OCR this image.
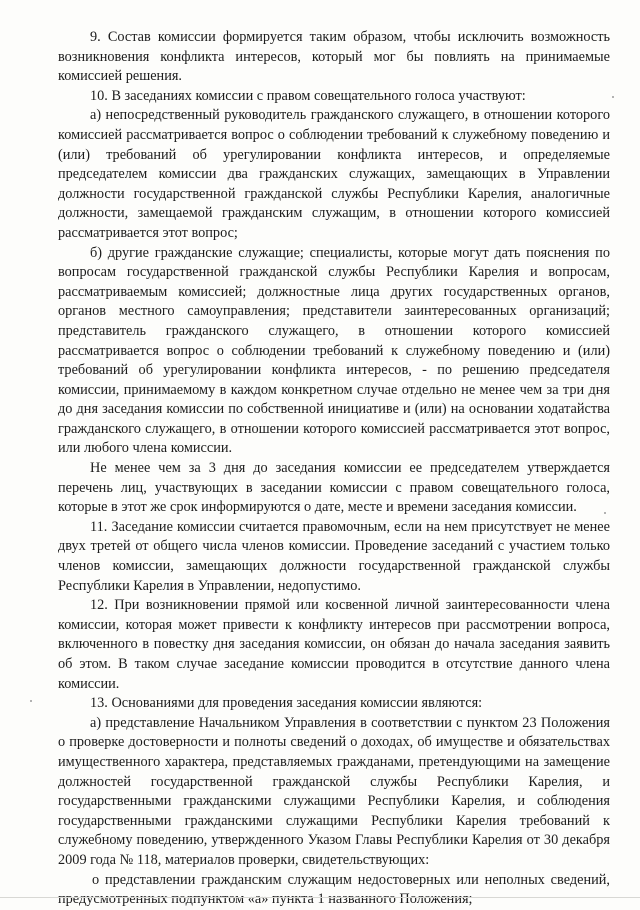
9. Состав комиссии формируется таким образом, чтобы исключить возможность возникновения конфликта интересов, который мог бы повлиять на принимаемые комиссией решения.

10. В заседаниях комиссии с правом совещательного голоса участвуют:

а) непосредственный руководитель гражданского служащего, в отношении которого комиссией рассматривается вопрос о соблюдении требований к служебному поведению и (или) требований об урегулировании конфликта интересов, и определяемые председателем комиссии два гражданских служащих, замещающих в Управлении должности государственной гражданской службы Республики Карелия, аналогичные должности, замещаемой гражданским служащим, в отношении которого комиссией рассматривается этот вопрос;

б) другие гражданские служащие; специалисты, которые могут дать пояснения по вопросам государственной гражданской службы Республики Карелия и вопросам, рассматриваемым комиссией; должностные лица других государственных органов, органов местного самоуправления; представители заинтересованных организаций; представитель гражданского служащего, в отношении которого комиссией рассматривается вопрос о соблюдении требований к служебному поведению и (или) требований об урегулировании конфликта интересов, - по решению председателя комиссии, принимаемому в каждом конкретном случае отдельно не менее чем за три дня до дня заседания комиссии по собственной инициативе и (или) на основании ходатайства гражданского служащего, в отношении которого комиссией рассматривается этот вопрос, или любого члена комиссии.

Не менее чем за 3 дня до заседания комиссии ее председателем утверждается перечень лиц, участвующих в заседании комиссии с правом совещательного голоса, которые в этот же срок информируются о дате, месте и времени заседания комиссии.

11. Заседание комиссии считается правомочным, если на нем присутствует не менее двух третей от общего числа членов комиссии. Проведение заседаний с участием только членов комиссии, замещающих должности государственной гражданской службы Республики Карелия в Управлении, недопустимо.

12. При возникновении прямой или косвенной личной заинтересованности члена комиссии, которая может привести к конфликту интересов при рассмотрении вопроса, включенного в повестку дня заседания комиссии, он обязан до начала заседания заявить об этом. В таком случае заседание комиссии проводится в отсутствие данного члена комиссии.

13. Основаниями для проведения заседания комиссии являются:

а) представление Начальником Управления в соответствии с пунктом 23 Положения о проверке достоверности и полноты сведений о доходах, об имуществе и обязательствах имущественного характера, представляемых гражданами, претендующими на замещение должностей государственной гражданской службы Республики Карелия, и государственными гражданскими служащими Республики Карелия, и соблюдения государственными гражданскими служащими Республики Карелия требований к служебному поведению, утвержденного Указом Главы Республики Карелия от 30 декабря 2009 года № 118, материалов проверки, свидетельствующих:

о представлении гражданским служащим недостоверных или неполных сведений, предусмотренных подпунктом «а» пункта 1 названного Положения;
